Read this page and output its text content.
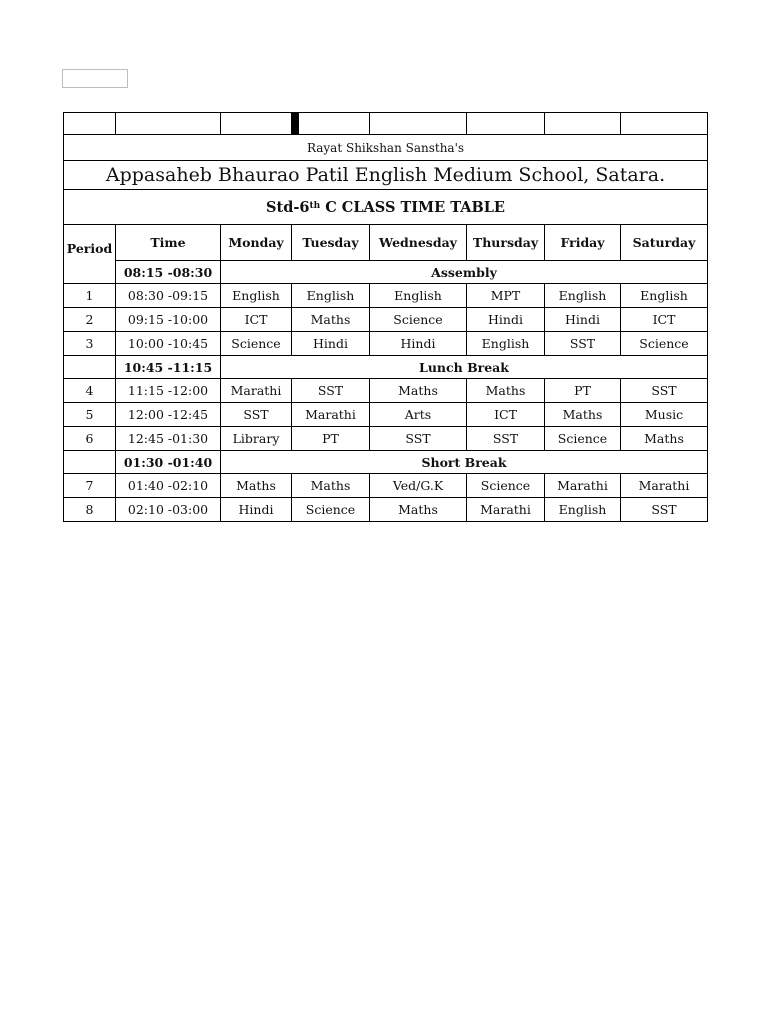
Rayat Shikshan Sanstha's							
Appasaheb Bhaurao Patil English Medium School, Satara.							
Std-6th C CLASS TIME TABLE							
Period	Time	Monday	Tuesday	Wednesday	Thursday	Friday	Saturday
	08:15 -08:30	Assembly					
1	08:30 -09:15	English	English	English	MPT	English	English
2	09:15 -10:00	ICT	Maths	Science	Hindi	Hindi	ICT
3	10:00 -10:45	Science	Hindi	Hindi	English	SST	Science
	10:45 -11:15	Lunch Break					
4	11:15 -12:00	Marathi	SST	Maths	Maths	PT	SST
5	12:00 -12:45	SST	Marathi	Arts	ICT	Maths	Music
6	12:45 -01:30	Library	PT	SST	SST	Science	Maths
	01:30 -01:40	Short Break					
7	01:40 -02:10	Maths	Maths	Ved/G.K	Science	Marathi	Marathi
8	02:10 -03:00	Hindi	Science	Maths	Marathi	English	SST
